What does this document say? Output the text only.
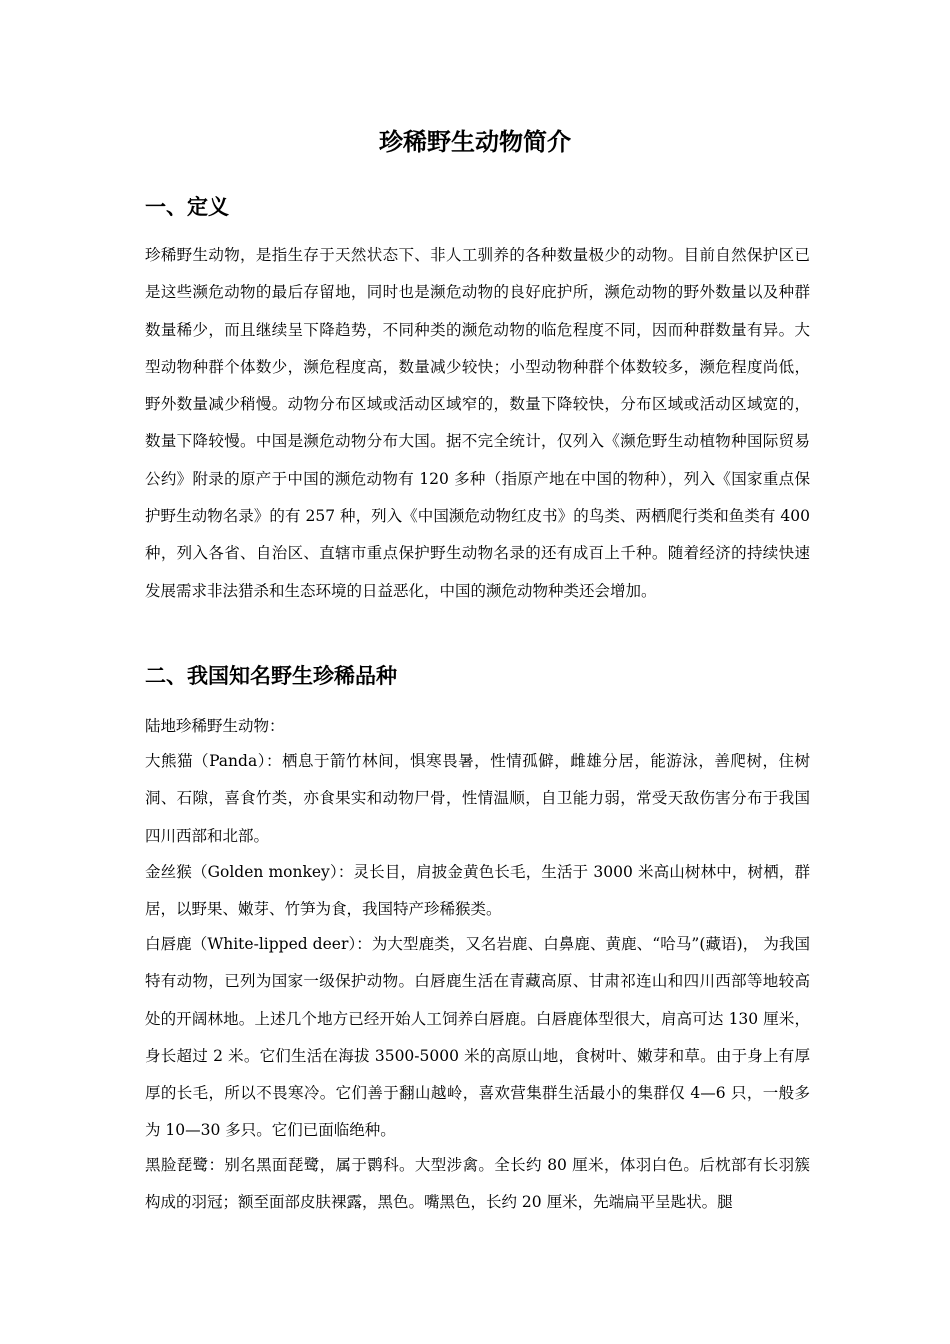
珍稀野生动物简介
一、定义

珍稀野生动物，是指生存于天然状态下、非人工驯养的各种数量极少的动物。目前自然保护区已是这些濒危动物的最后存留地，同时也是濒危动物的良好庇护所，濒危动物的野外数量以及种群数量稀少，而且继续呈下降趋势，不同种类的濒危动物的临危程度不同，因而种群数量有异。大型动物种群个体数少，濒危程度高，数量减少较快；小型动物种群个体数较多，濒危程度尚低，野外数量减少稍慢。动物分布区域或活动区域窄的，数量下降较快，分布区域或活动区域宽的，数量下降较慢。中国是濒危动物分布大国。据不完全统计，仅列入《濒危野生动植物种国际贸易公约》附录的原产于中国的濒危动物有 120 多种（指原产地在中国的物种），列入《国家重点保护野生动物名录》的有 257 种，列入《中国濒危动物红皮书》的鸟类、两栖爬行类和鱼类有 400 种，列入各省、自治区、直辖市重点保护野生动物名录的还有成百上千种。随着经济的持续快速发展需求非法猎杀和生态环境的日益恶化，中国的濒危动物种类还会增加。

二、我国知名野生珍稀品种

陆地珍稀野生动物：

大熊猫（Panda）：栖息于箭竹林间，惧寒畏暑，性情孤僻，雌雄分居，能游泳，善爬树，住树洞、石隙，喜食竹类，亦食果实和动物尸骨，性情温顺，自卫能力弱，常受天敌伤害分布于我国四川西部和北部。

金丝猴（Golden monkey）：灵长目，肩披金黄色长毛，生活于 3000 米高山树林中，树栖，群居，以野果、嫩芽、竹笋为食，我国特产珍稀猴类。

白唇鹿（White-lipped deer）：为大型鹿类，又名岩鹿、白鼻鹿、黄鹿、“哈马”(藏语)， 为我国特有动物，已列为国家一级保护动物。白唇鹿生活在青藏高原、甘肃祁连山和四川西部等地较高处的开阔林地。上述几个地方已经开始人工饲养白唇鹿。白唇鹿体型很大，肩高可达 130 厘米，身长超过 2 米。它们生活在海拔 3500-5000 米的高原山地，食树叶、嫩芽和草。由于身上有厚厚的长毛，所以不畏寒冷。它们善于翻山越岭，喜欢营集群生活最小的集群仅 4—6 只，一般多为 10—30 多只。它们已面临绝种。

黑脸琵鹭：别名黑面琵鹭，属于鹮科。大型涉禽。全长约 80 厘米，体羽白色。后枕部有长羽簇构成的羽冠；额至面部皮肤裸露，黑色。嘴黑色，长约 20 厘米，先端扁平呈匙状。腿
